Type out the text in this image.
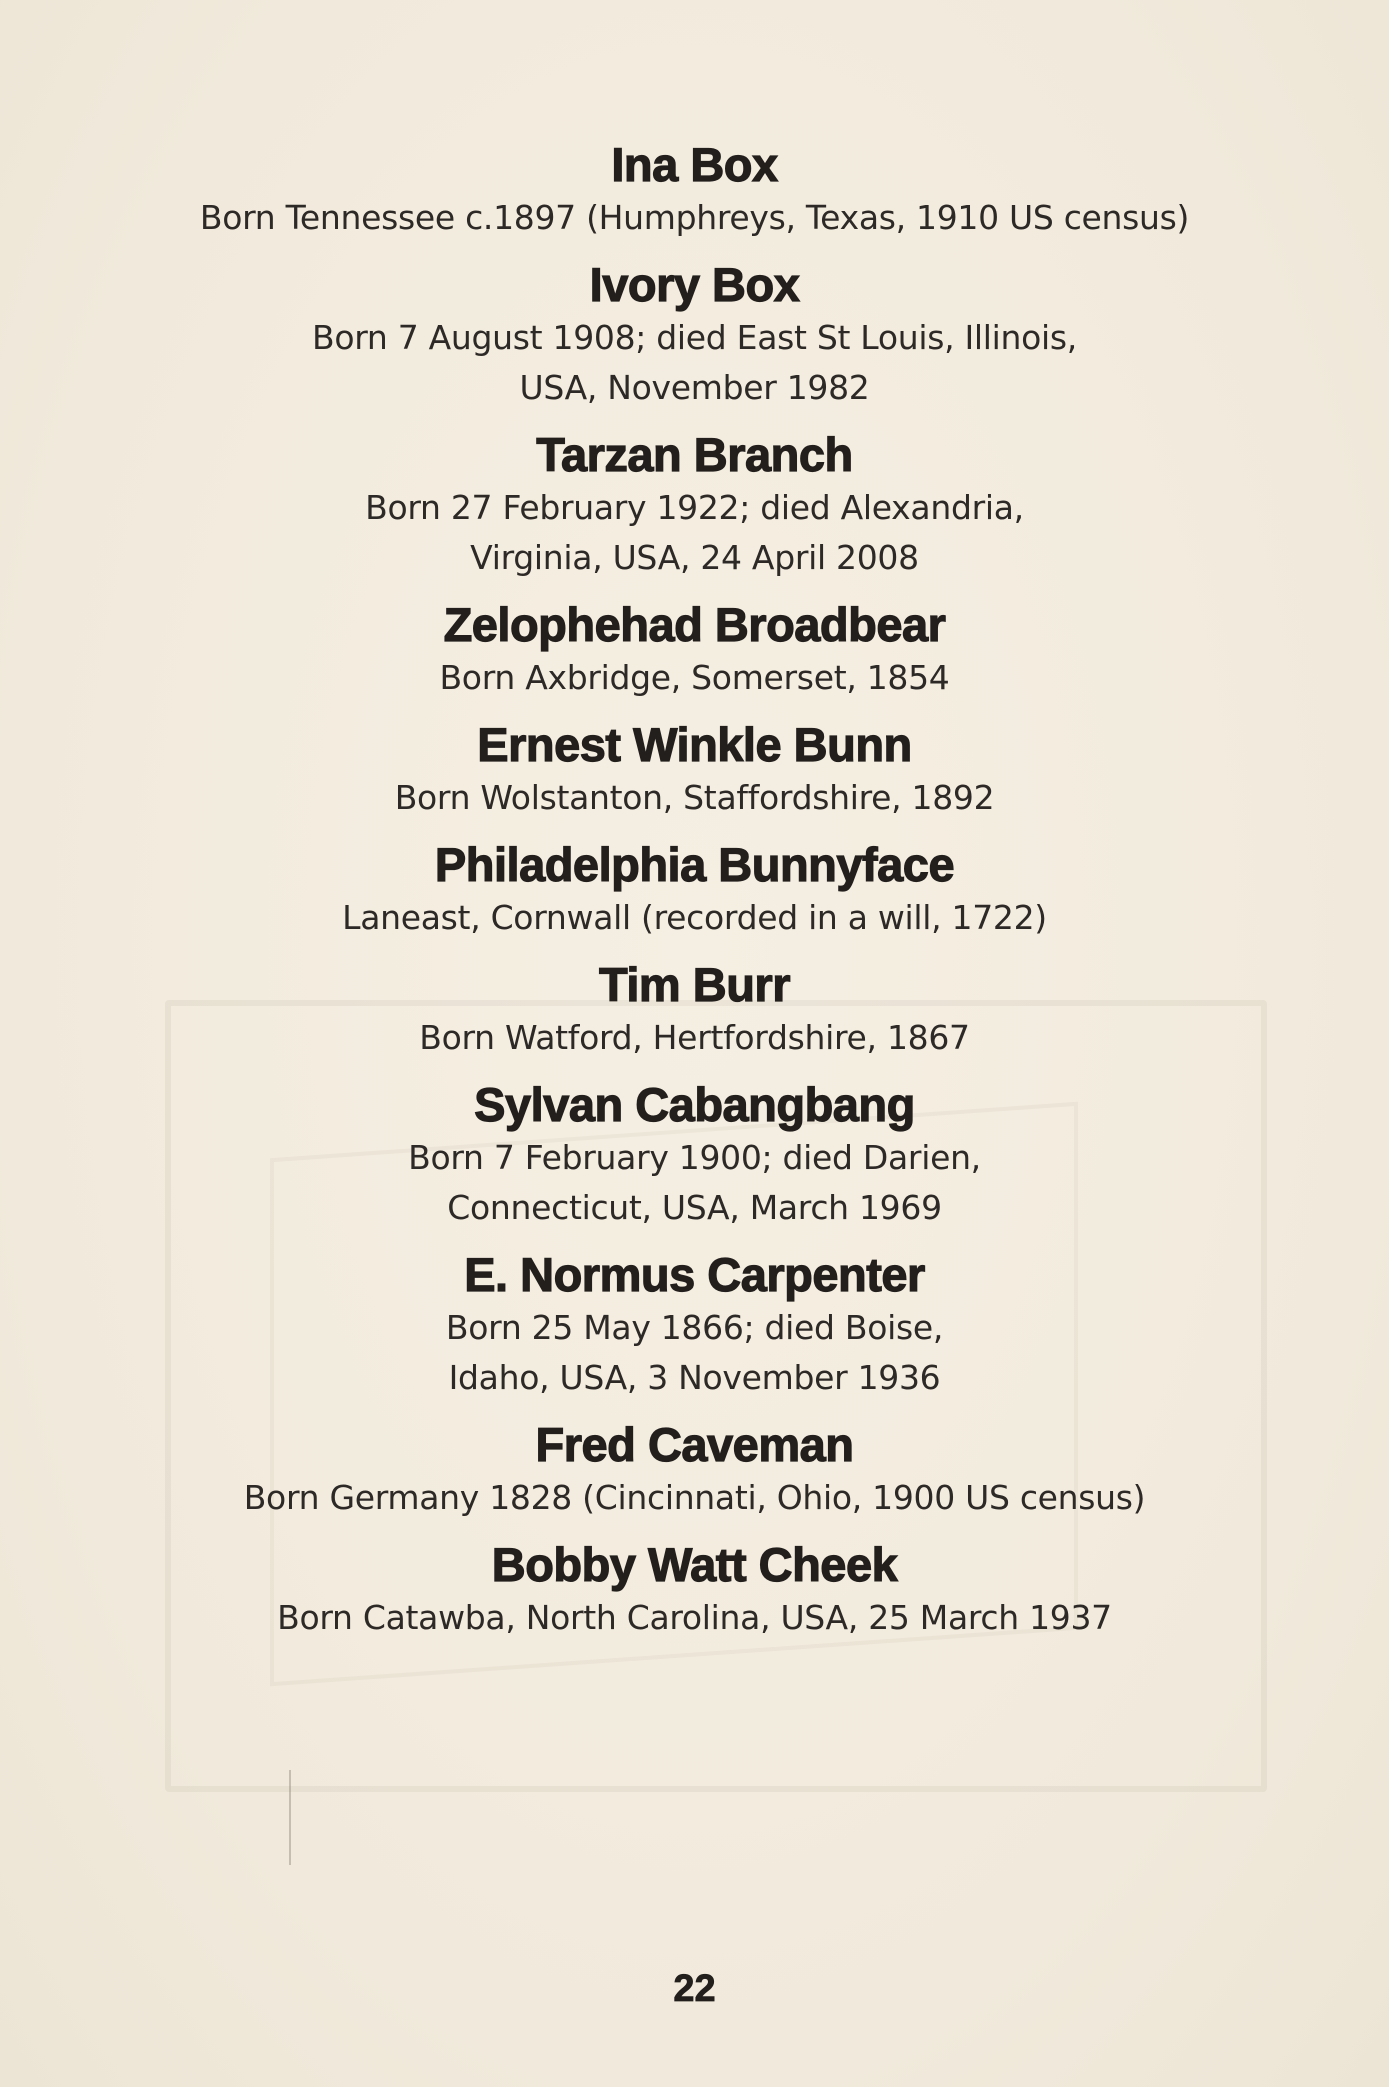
Ina Box
Born Tennessee c.1897 (Humphreys, Texas, 1910 US census)
Ivory Box
Born 7 August 1908; died East St Louis, Illinois,
USA, November 1982
Tarzan Branch
Born 27 February 1922; died Alexandria,
Virginia, USA, 24 April 2008
Zelophehad Broadbear
Born Axbridge, Somerset, 1854
Ernest Winkle Bunn
Born Wolstanton, Staffordshire, 1892
Philadelphia Bunnyface
Laneast, Cornwall (recorded in a will, 1722)
Tim Burr
Born Watford, Hertfordshire, 1867
Sylvan Cabangbang
Born 7 February 1900; died Darien,
Connecticut, USA, March 1969
E. Normus Carpenter
Born 25 May 1866; died Boise,
Idaho, USA, 3 November 1936
Fred Caveman
Born Germany 1828 (Cincinnati, Ohio, 1900 US census)
Bobby Watt Cheek
Born Catawba, North Carolina, USA, 25 March 1937
22
